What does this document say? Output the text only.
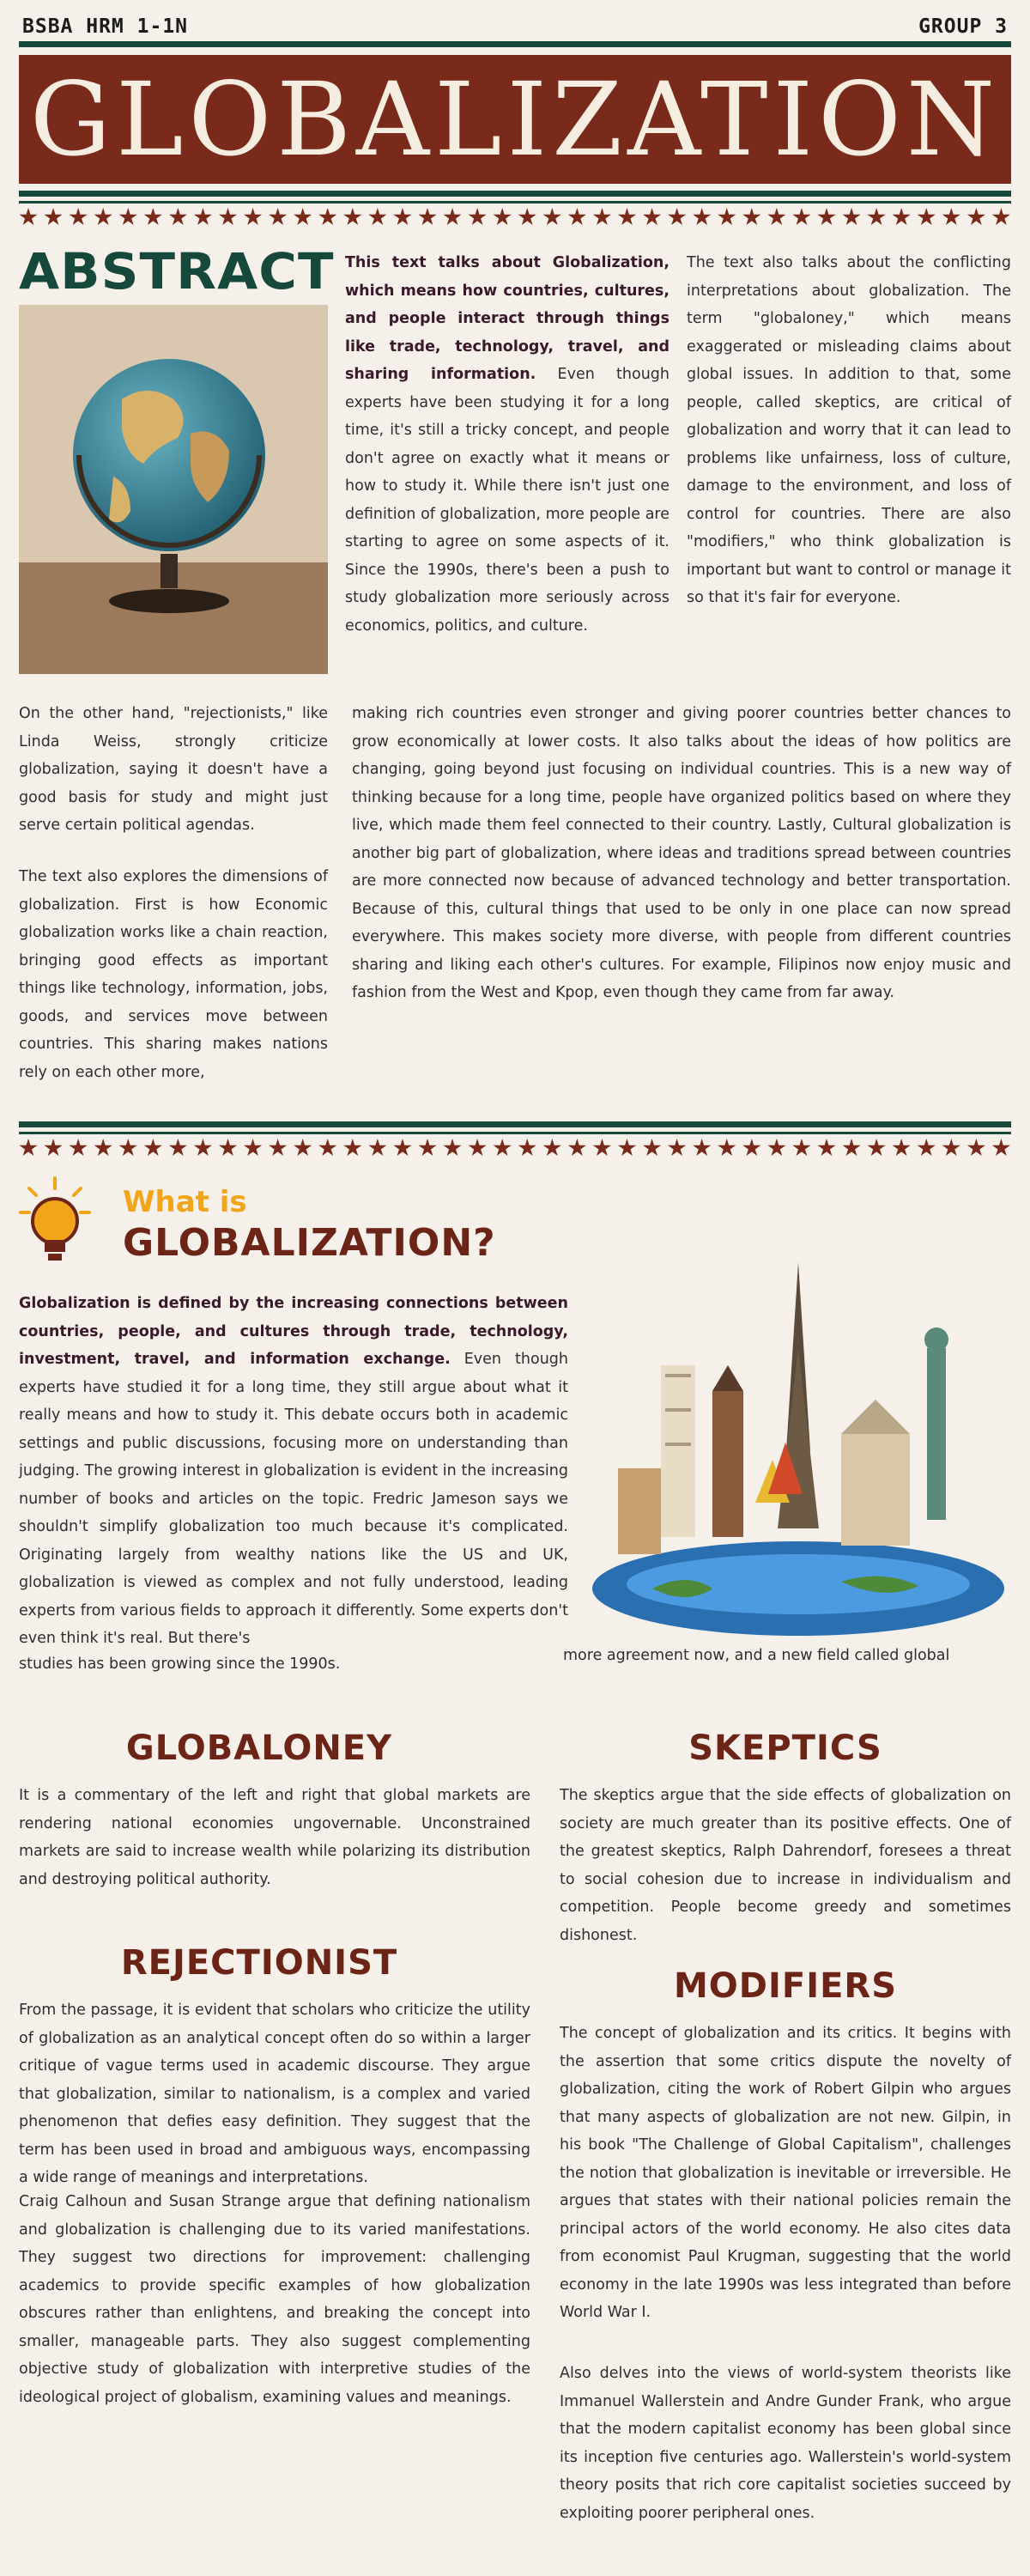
BSBA HRM 1-1N	GROUP 3
GLOBALIZATION
ABSTRACT This text talks about Globalization, which means how countries, cultures, and people interact through things like trade, technology, travel, and sharing information. Even though experts have been studying it for a long time, it's still a tricky concept, and people don't agree on exactly what it means or how to study it. While there isn't just one definition of globalization, more people are starting to agree on some aspects of it. Since the 1990s, there's been a push to study globalization more seriously across economics, politics, and culture.
The text also talks about the conflicting interpretations about globalization. The term "globaloney," which means exaggerated or misleading claims about global issues. In addition to that, some people, called skeptics, are critical of globalization and worry that it can lead to problems like unfairness, loss of culture, damage to the environment, and loss of control for countries. There are also "modifiers," who think globalization is important but want to control or manage it so that it's fair for everyone.
On the other hand, "rejectionists," like Linda Weiss, strongly criticize globalization, saying it doesn't have a good basis for study and might just serve certain political agendas.
The text also explores the dimensions of globalization. First is how Economic globalization works like a chain reaction, bringing good effects as important things like technology, information, jobs, goods, and services move between countries. This sharing makes nations rely on each other more,
making rich countries even stronger and giving poorer countries better chances to grow economically at lower costs. It also talks about the ideas of how politics are changing, going beyond just focusing on individual countries. This is a new way of thinking because for a long time, people have organized politics based on where they live, which made them feel connected to their country. Lastly, Cultural globalization is another big part of globalization, where ideas and traditions spread between countries are more connected now because of advanced technology and better transportation. Because of this, cultural things that used to be only in one place can now spread everywhere. This makes society more diverse, with people from different countries sharing and liking each other's cultures. For example, Filipinos now enjoy music and fashion from the West and Kpop, even though they came from far away.
What is
GLOBALIZATION?
Globalization is defined by the increasing connections between countries, people, and cultures through trade, technology, investment, travel, and information exchange. Even though experts have studied it for a long time, they still argue about what it really means and how to study it. This debate occurs both in academic settings and public discussions, focusing more on understanding than judging. The growing interest in globalization is evident in the increasing number of books and articles on the topic. Fredric Jameson says we shouldn't simplify globalization too much because it's complicated. Originating largely from wealthy nations like the US and UK, globalization is viewed as complex and not fully understood, leading experts from various fields to approach it differently. Some experts don't even think it's real. But there's
studies has been growing since the 1990s.	more agreement now, and a new field called global
GLOBALONEY
It is a commentary of the left and right that global markets are rendering national economies ungovernable. Unconstrained markets are said to increase wealth while polarizing its distribution and destroying political authority.
SKEPTICS
The skeptics argue that the side effects of globalization on society are much greater than its positive effects. One of the greatest skeptics, Ralph Dahrendorf, foresees a threat to social cohesion due to increase in individualism and competition. People become greedy and sometimes dishonest.
REJECTIONIST
From the passage, it is evident that scholars who criticize the utility of globalization as an analytical concept often do so within a larger critique of vague terms used in academic discourse. They argue that globalization, similar to nationalism, is a complex and varied phenomenon that defies easy definition. They suggest that the term has been used in broad and ambiguous ways, encompassing a wide range of meanings and interpretations.
Craig Calhoun and Susan Strange argue that defining nationalism and globalization is challenging due to its varied manifestations. They suggest two directions for improvement: challenging academics to provide specific examples of how globalization obscures rather than enlightens, and breaking the concept into smaller, manageable parts. They also suggest complementing objective study of globalization with interpretive studies of the ideological project of globalism, examining values and meanings.
MODIFIERS
The concept of globalization and its critics. It begins with the assertion that some critics dispute the novelty of globalization, citing the work of Robert Gilpin who argues that many aspects of globalization are not new. Gilpin, in his book "The Challenge of Global Capitalism", challenges the notion that globalization is inevitable or irreversible. He argues that states with their national policies remain the principal actors of the world economy. He also cites data from economist Paul Krugman, suggesting that the world economy in the late 1990s was less integrated than before World War I.
Also delves into the views of world-system theorists like Immanuel Wallerstein and Andre Gunder Frank, who argue that the modern capitalist economy has been global since its inception five centuries ago. Wallerstein's world-system theory posits that rich core capitalist societies succeed by exploiting poorer peripheral ones.
